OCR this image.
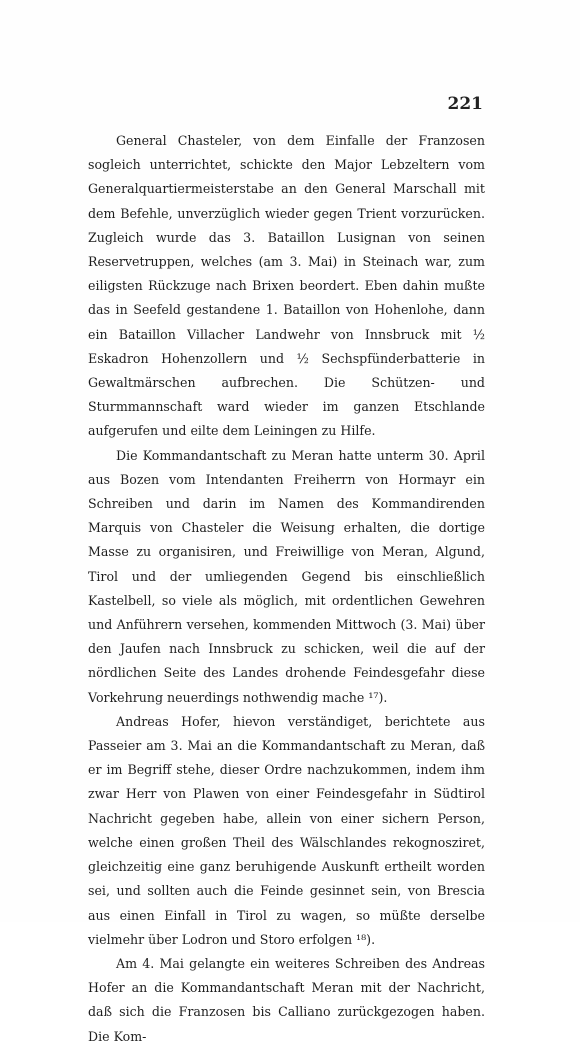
221

General Chasteler, von dem Einfalle der Franzosen sogleich unterrichtet, schickte den Major Lebzeltern vom Generalquartiermeisterstabe an den General Marschall mit dem Befehle, unverzüglich wieder gegen Trient vorzurücken. Zugleich wurde das 3. Bataillon Lusignan von seinen Reservetruppen, welches (am 3. Mai) in Steinach war, zum eiligsten Rückzuge nach Brixen beordert. Eben dahin mußte das in Seefeld gestandene 1. Bataillon von Hohenlohe, dann ein Bataillon Villacher Landwehr von Innsbruck mit ½ Eskadron Hohenzollern und ½ Sechspfünderbatterie in Gewaltmärschen aufbrechen. Die Schützen- und Sturmmannschaft ward wieder im ganzen Etschlande aufgerufen und eilte dem Leiningen zu Hilfe.

Die Kommandantschaft zu Meran hatte unterm 30. April aus Bozen vom Intendanten Freiherrn von Hormayr ein Schreiben und darin im Namen des Kommandirenden Marquis von Chasteler die Weisung erhalten, die dortige Masse zu organisiren, und Freiwillige von Meran, Algund, Tirol und der umliegenden Gegend bis einschließlich Kastelbell, so viele als möglich, mit ordentlichen Gewehren und Anführern versehen, kommenden Mittwoch (3. Mai) über den Jaufen nach Innsbruck zu schicken, weil die auf der nördlichen Seite des Landes drohende Feindesgefahr diese Vorkehrung neuerdings nothwendig mache ¹⁷).

Andreas Hofer, hievon verständiget, berichtete aus Passeier am 3. Mai an die Kommandantschaft zu Meran, daß er im Begriff stehe, dieser Ordre nachzukommen, indem ihm zwar Herr von Plawen von einer Feindesgefahr in Südtirol Nachricht gegeben habe, allein von einer sichern Person, welche einen großen Theil des Wälschlandes rekognosziret, gleichzeitig eine ganz beruhigende Auskunft ertheilt worden sei, und sollten auch die Feinde gesinnet sein, von Brescia aus einen Einfall in Tirol zu wagen, so müßte derselbe vielmehr über Lodron und Storo erfolgen ¹⁸).

Am 4. Mai gelangte ein weiteres Schreiben des Andreas Hofer an die Kommandantschaft Meran mit der Nachricht, daß sich die Franzosen bis Calliano zurückgezogen haben. Die Kom-
